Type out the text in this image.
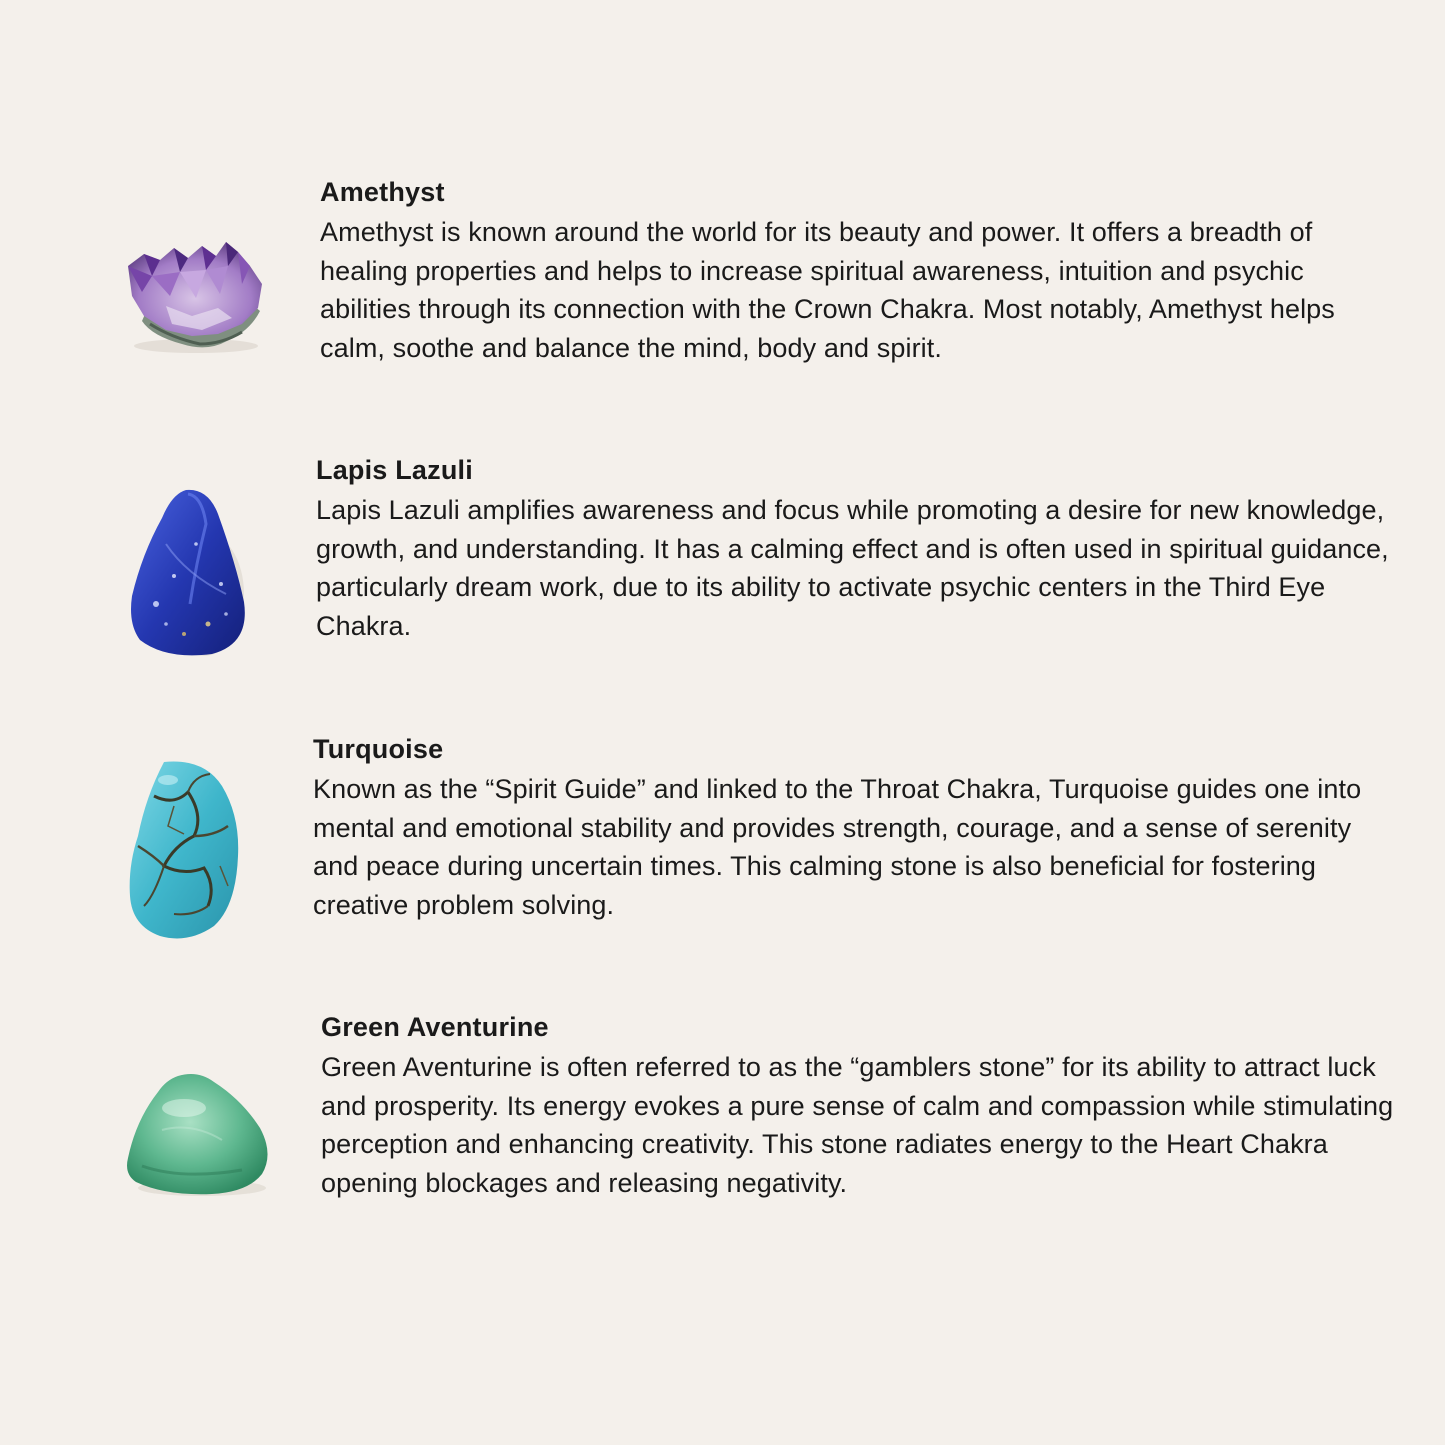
Amethyst

Amethyst is known around the world for its beauty and power. It offers a breadth of healing properties and helps to increase spiritual awareness, intuition and psychic abilities through its connection with the Crown Chakra. Most notably, Amethyst helps calm, soothe and balance the mind, body and spirit.

Lapis Lazuli

Lapis Lazuli amplifies awareness and focus while promoting a desire for new knowledge, growth, and understanding. It has a calming effect and is often used in spiritual guidance, particularly dream work, due to its ability to activate psychic centers in the Third Eye Chakra.

Turquoise

Known as the “Spirit Guide” and linked to the Throat Chakra, Turquoise guides one into mental and emotional stability and provides strength, courage, and a sense of serenity and peace during uncertain times. This calming stone is also beneficial for fostering creative problem solving.

Green Aventurine

Green Aventurine is often referred to as the “gamblers stone” for its ability to attract luck and prosperity. Its energy evokes a pure sense of calm and compassion while stimulating perception and enhancing creativity. This stone radiates energy to the Heart Chakra opening blockages and releasing negativity.
